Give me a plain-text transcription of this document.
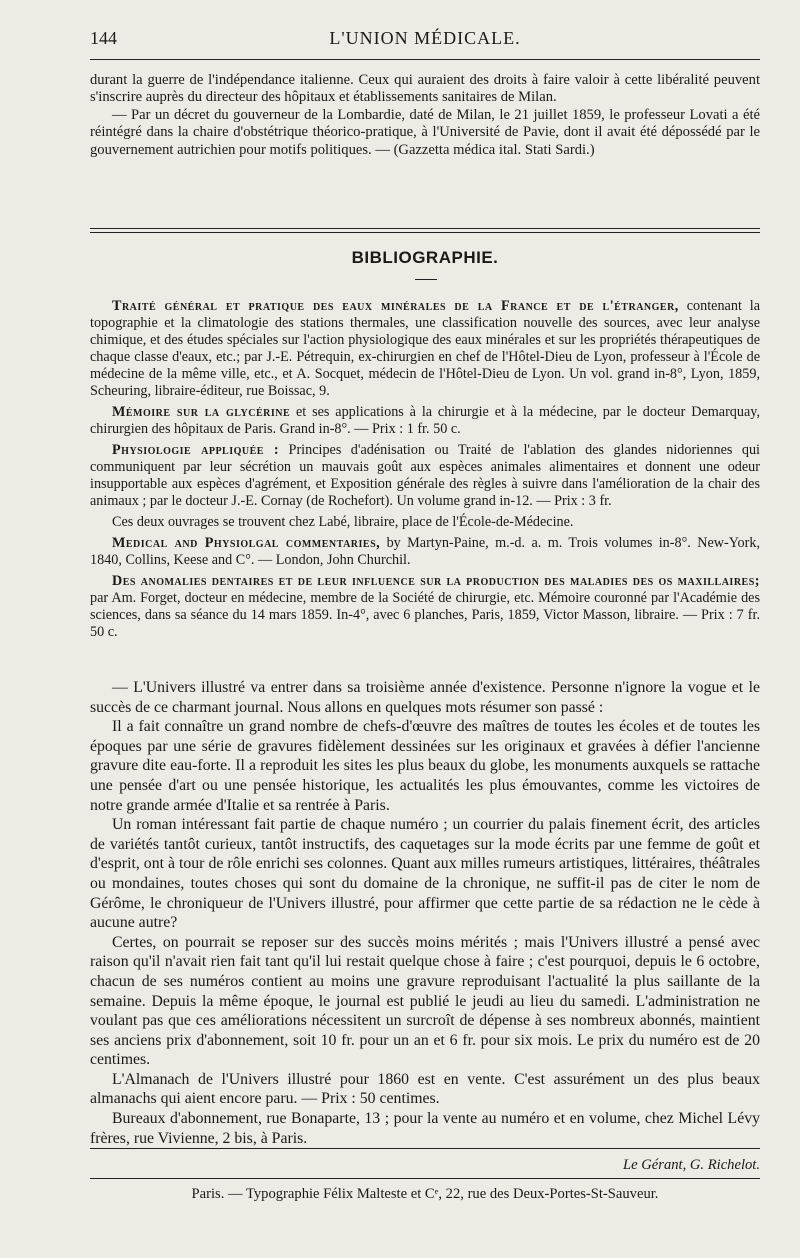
144	L'UNION MÉDICALE.

durant la guerre de l'indépendance italienne. Ceux qui auraient des droits à faire valoir à cette libéralité peuvent s'inscrire auprès du directeur des hôpitaux et établissements sanitaires de Milan.

— Par un décret du gouverneur de la Lombardie, daté de Milan, le 21 juillet 1859, le professeur Lovati a été réintégré dans la chaire d'obstétrique théorico-pratique, à l'Université de Pavie, dont il avait été dépossédé par le gouvernement autrichien pour motifs politiques. — (Gazzetta médica ital. Stati Sardi.)

BIBLIOGRAPHIE.

Traité général et pratique des eaux minérales de la France et de l'étranger, contenant la topographie et la climatologie des stations thermales, une classification nouvelle des sources, avec leur analyse chimique, et des études spéciales sur l'action physiologique des eaux minérales et sur les propriétés thérapeutiques de chaque classe d'eaux, etc.; par J.-E. Pétrequin, ex-chirurgien en chef de l'Hôtel-Dieu de Lyon, professeur à l'École de médecine de la même ville, etc., et A. Socquet, médecin de l'Hôtel-Dieu de Lyon. Un vol. grand in-8°, Lyon, 1859, Scheuring, libraire-éditeur, rue Boissac, 9.

Mémoire sur la glycérine et ses applications à la chirurgie et à la médecine, par le docteur Demarquay, chirurgien des hôpitaux de Paris. Grand in-8°. — Prix : 1 fr. 50 c.

Physiologie appliquée : Principes d'adénisation ou Traité de l'ablation des glandes nidoriennes qui communiquent par leur sécrétion un mauvais goût aux espèces animales alimentaires et donnent une odeur insupportable aux espèces d'agrément, et Exposition générale des règles à suivre dans l'amélioration de la chair des animaux ; par le docteur J.-E. Cornay (de Rochefort). Un volume grand in-12. — Prix : 3 fr.

Ces deux ouvrages se trouvent chez Labé, libraire, place de l'École-de-Médecine.

Medical and Physiolgal commentaries, by Martyn-Paine, m.-d. a. m. Trois volumes in-8°. New-York, 1840, Collins, Keese and C°. — London, John Churchil.

Des anomalies dentaires et de leur influence sur la production des maladies des os maxillaires; par Am. Forget, docteur en médecine, membre de la Société de chirurgie, etc. Mémoire couronné par l'Académie des sciences, dans sa séance du 14 mars 1859. In-4°, avec 6 planches, Paris, 1859, Victor Masson, libraire. — Prix : 7 fr. 50 c.

— L'Univers illustré va entrer dans sa troisième année d'existence. Personne n'ignore la vogue et le succès de ce charmant journal. Nous allons en quelques mots résumer son passé :

Il a fait connaître un grand nombre de chefs-d'œuvre des maîtres de toutes les écoles et de toutes les époques par une série de gravures fidèlement dessinées sur les originaux et gravées à défier l'ancienne gravure dite eau-forte. Il a reproduit les sites les plus beaux du globe, les monuments auxquels se rattache une pensée d'art ou une pensée historique, les actualités les plus émouvantes, comme les victoires de notre grande armée d'Italie et sa rentrée à Paris.

Un roman intéressant fait partie de chaque numéro ; un courrier du palais finement écrit, des articles de variétés tantôt curieux, tantôt instructifs, des caquetages sur la mode écrits par une femme de goût et d'esprit, ont à tour de rôle enrichi ses colonnes. Quant aux milles rumeurs artistiques, littéraires, théâtrales ou mondaines, toutes choses qui sont du domaine de la chronique, ne suffit-il pas de citer le nom de Gérôme, le chroniqueur de l'Univers illustré, pour affirmer que cette partie de sa rédaction ne le cède à aucune autre?

Certes, on pourrait se reposer sur des succès moins mérités ; mais l'Univers illustré a pensé avec raison qu'il n'avait rien fait tant qu'il lui restait quelque chose à faire ; c'est pourquoi, depuis le 6 octobre, chacun de ses numéros contient au moins une gravure reproduisant l'actualité la plus saillante de la semaine. Depuis la même époque, le journal est publié le jeudi au lieu du samedi. L'administration ne voulant pas que ces améliorations nécessitent un surcroît de dépense à ses nombreux abonnés, maintient ses anciens prix d'abonnement, soit 10 fr. pour un an et 6 fr. pour six mois. Le prix du numéro est de 20 centimes.

L'Almanach de l'Univers illustré pour 1860 est en vente. C'est assurément un des plus beaux almanachs qui aient encore paru. — Prix : 50 centimes.

Bureaux d'abonnement, rue Bonaparte, 13 ; pour la vente au numéro et en volume, chez Michel Lévy frères, rue Vivienne, 2 bis, à Paris.

Le Gérant, G. Richelot.
Paris. — Typographie Félix Malteste et Cᵉ, 22, rue des Deux-Portes-St-Sauveur.
